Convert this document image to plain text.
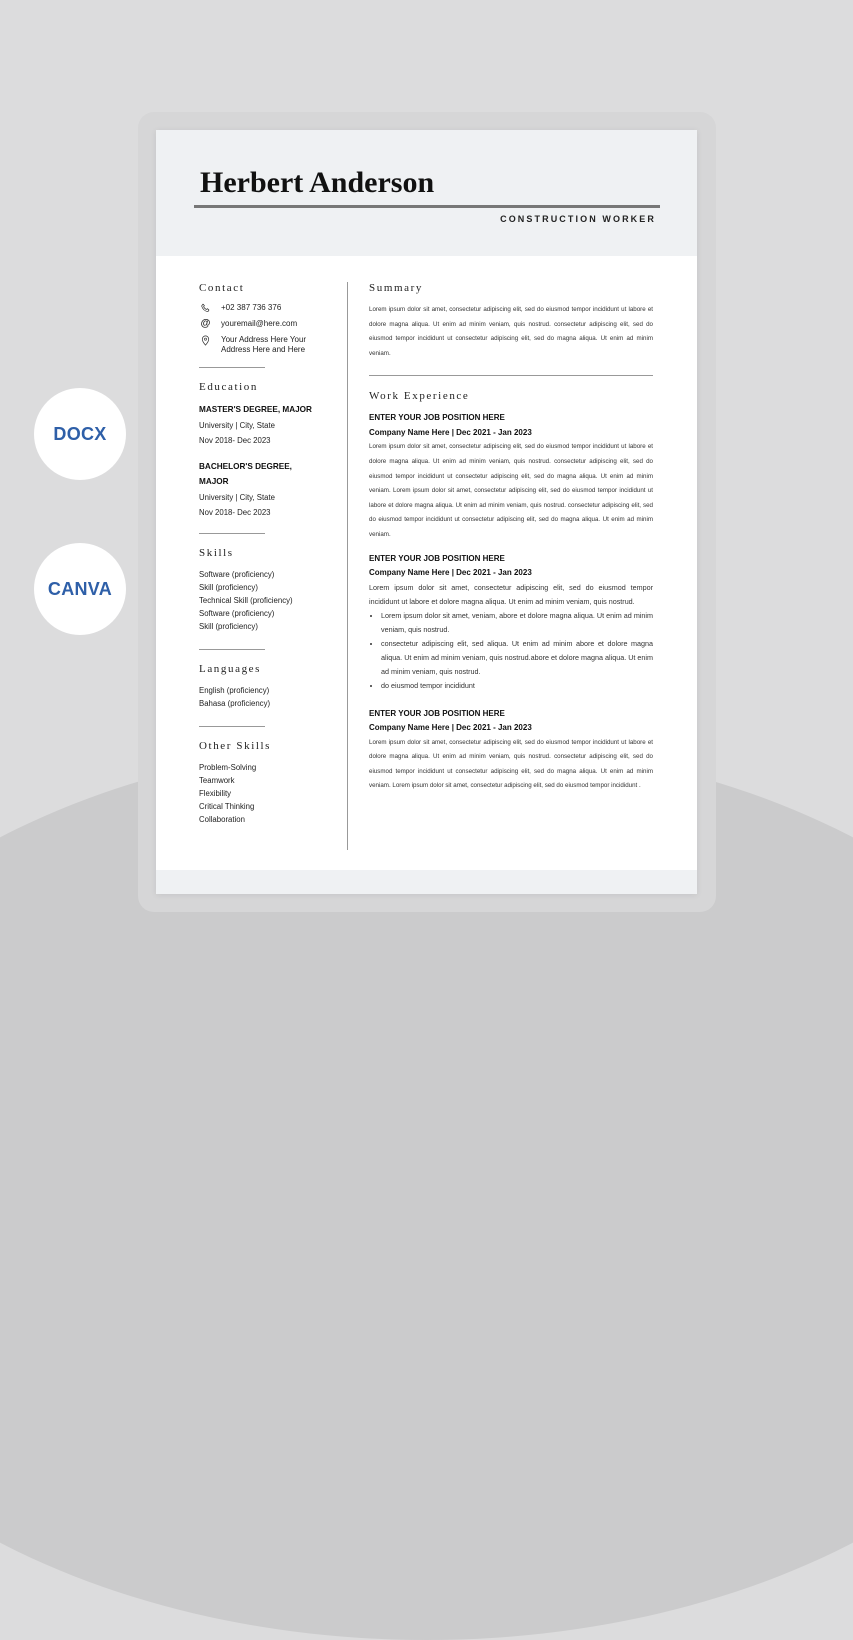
DOCX
CANVA
Herbert Anderson
CONSTRUCTION WORKER
Contact
+02 387 736 376
@ youremail@here.com
Your Address Here Your Address Here and Here
Education
MASTER'S DEGREE, MAJOR
University | City, State
Nov 2018- Dec 2023
BACHELOR'S DEGREE, MAJOR
University | City, State
Nov 2018- Dec 2023
Skills
Software (proficiency)
Skill (proficiency)
Technical Skill (proficiency)
Software (proficiency)
Skill (proficiency)
Languages
English (proficiency)
Bahasa (proficiency)
Other Skills
Problem-Solving
Teamwork
Flexibility
Critical Thinking
Collaboration
Summary

Lorem ipsum dolor sit amet, consectetur adipiscing elit, sed do eiusmod tempor incididunt ut labore et dolore magna aliqua. Ut enim ad minim veniam, quis nostrud. consectetur adipiscing elit, sed do eiusmod tempor incididunt ut consectetur adipiscing elit, sed do magna aliqua. Ut enim ad minim veniam.

Work Experience
ENTER YOUR JOB POSITION HERE
Company Name Here | Dec 2021 - Jan 2023

Lorem ipsum dolor sit amet, consectetur adipiscing elit, sed do eiusmod tempor incididunt ut labore et dolore magna aliqua. Ut enim ad minim veniam, quis nostrud. consectetur adipiscing elit, sed do eiusmod tempor incididunt ut consectetur adipiscing elit, sed do magna aliqua. Ut enim ad minim veniam. Lorem ipsum dolor sit amet, consectetur adipiscing elit, sed do eiusmod tempor incididunt ut labore et dolore magna aliqua. Ut enim ad minim veniam, quis nostrud. consectetur adipiscing elit, sed do eiusmod tempor incididunt ut consectetur adipiscing elit, sed do magna aliqua. Ut enim ad minim veniam.

ENTER YOUR JOB POSITION HERE
Company Name Here | Dec 2021 - Jan 2023

Lorem ipsum dolor sit amet, consectetur adipiscing elit, sed do eiusmod tempor incididunt ut labore et dolore magna aliqua. Ut enim ad minim veniam, quis nostrud.

• Lorem ipsum dolor sit amet, veniam, abore et dolore magna aliqua. Ut enim ad minim veniam, quis nostrud.
• consectetur adipiscing elit, sed aliqua. Ut enim ad minim abore et dolore magna aliqua. Ut enim ad minim veniam, quis nostrud.abore et dolore magna aliqua. Ut enim ad minim veniam, quis nostrud.
• do eiusmod tempor incididunt
ENTER YOUR JOB POSITION HERE
Company Name Here | Dec 2021 - Jan 2023

Lorem ipsum dolor sit amet, consectetur adipiscing elit, sed do eiusmod tempor incididunt ut labore et dolore magna aliqua. Ut enim ad minim veniam, quis nostrud. consectetur adipiscing elit, sed do eiusmod tempor incididunt ut consectetur adipiscing elit, sed do magna aliqua. Ut enim ad minim veniam. Lorem ipsum dolor sit amet, consectetur adipiscing elit, sed do eiusmod tempor incididunt .
